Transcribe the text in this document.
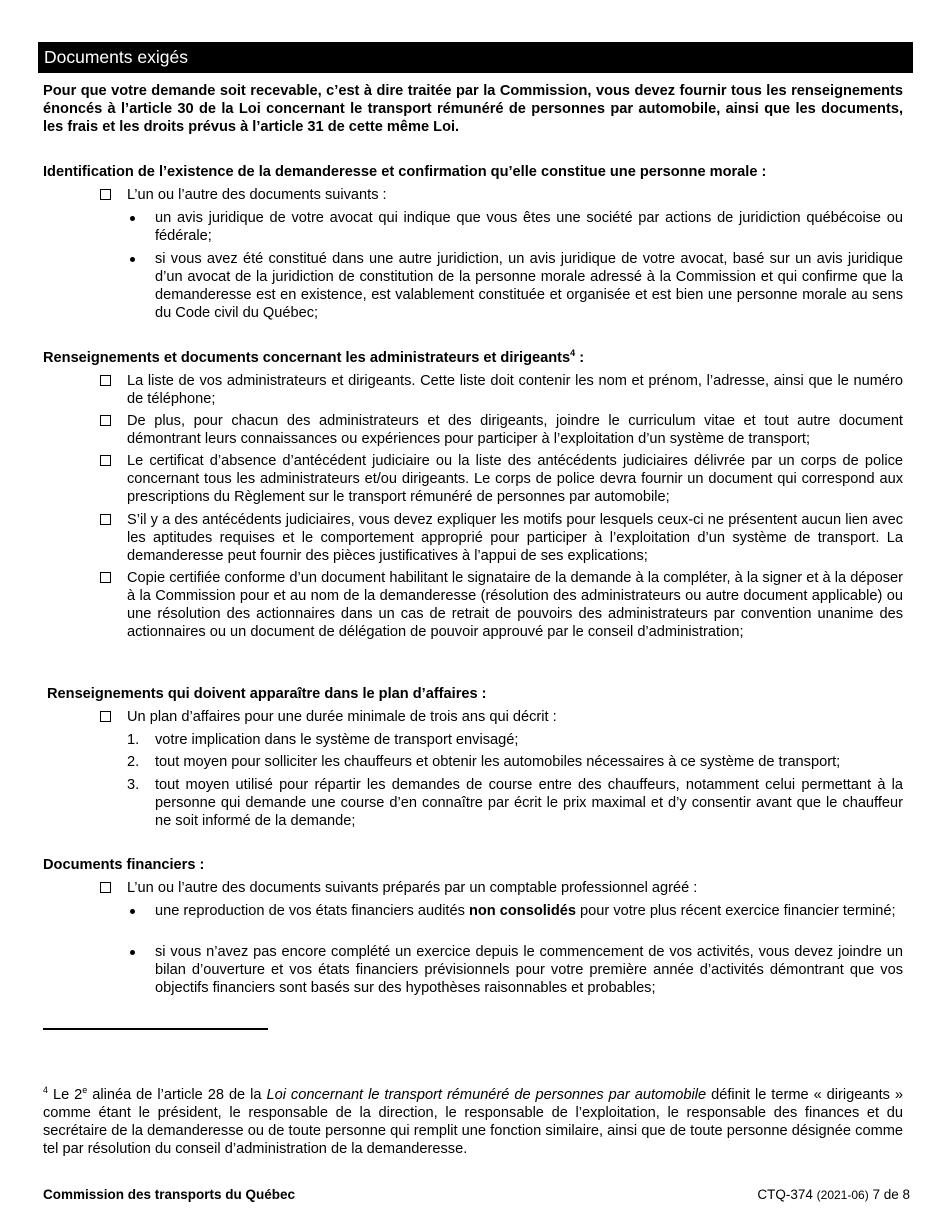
Documents exigés

Pour que votre demande soit recevable, c’est à dire traitée par la Commission, vous devez fournir tous les renseignements énoncés à l’article 30 de la Loi concernant le transport rémunéré de personnes par automobile, ainsi que les documents, les frais et les droits prévus à l’article 31 de cette même Loi.

Identification de l’existence de la demanderesse et confirmation qu’elle constitue une personne morale :

L’un ou l’autre des documents suivants :
un avis juridique de votre avocat qui indique que vous êtes une société par actions de juridiction québécoise ou fédérale;
si vous avez été constitué dans une autre juridiction, un avis juridique de votre avocat, basé sur un avis juridique d’un avocat de la juridiction de constitution de la personne morale adressé à la Commission et qui confirme que la demanderesse est en existence, est valablement constituée et organisée et est bien une personne morale au sens du Code civil du Québec;

Renseignements et documents concernant les administrateurs et dirigeants$^4$ :

La liste de vos administrateurs et dirigeants. Cette liste doit contenir les nom et prénom, l’adresse, ainsi que le numéro de téléphone;
De plus, pour chacun des administrateurs et des dirigeants, joindre le curriculum vitae et tout autre document démontrant leurs connaissances ou expériences pour participer à l’exploitation d’un système de transport;
Le certificat d’absence d’antécédent judiciaire ou la liste des antécédents judiciaires délivrée par un corps de police concernant tous les administrateurs et/ou dirigeants. Le corps de police devra fournir un document qui correspond aux prescriptions du Règlement sur le transport rémunéré de personnes par automobile;
S’il y a des antécédents judiciaires, vous devez expliquer les motifs pour lesquels ceux-ci ne présentent aucun lien avec les aptitudes requises et le comportement approprié pour participer à l’exploitation d’un système de transport. La demanderesse peut fournir des pièces justificatives à l’appui de ses explications;
Copie certifiée conforme d’un document habilitant le signataire de la demande à la compléter, à la signer et à la déposer à la Commission pour et au nom de la demanderesse (résolution des administrateurs ou autre document applicable) ou une résolution des actionnaires dans un cas de retrait de pouvoirs des administrateurs par convention unanime des actionnaires ou un document de délégation de pouvoir approuvé par le conseil d’administration;

Renseignements qui doivent apparaître dans le plan d’affaires :

Un plan d’affaires pour une durée minimale de trois ans qui décrit :
1. votre implication dans le système de transport envisagé;
2. tout moyen pour solliciter les chauffeurs et obtenir les automobiles nécessaires à ce système de transport;
3. tout moyen utilisé pour répartir les demandes de course entre des chauffeurs, notamment celui permettant à la personne qui demande une course d’en connaître par écrit le prix maximal et d’y consentir avant que le chauffeur ne soit informé de la demande;

Documents financiers :

L’un ou l’autre des documents suivants préparés par un comptable professionnel agréé :
une reproduction de vos états financiers audités non consolidés pour votre plus récent exercice financier terminé;
si vous n’avez pas encore complété un exercice depuis le commencement de vos activités, vous devez joindre un bilan d’ouverture et vos états financiers prévisionnels pour votre première année d’activités démontrant que vos objectifs financiers sont basés sur des hypothèses raisonnables et probables;

$^4$ Le 2e alinéa de l’article 28 de la Loi concernant le transport rémunéré de personnes par automobile définit le terme « dirigeants » comme étant le président, le responsable de la direction, le responsable de l’exploitation, le responsable des finances et du secrétaire de la demanderesse ou de toute personne qui remplit une fonction similaire, ainsi que de toute personne désignée comme tel par résolution du conseil d’administration de la demanderesse.

Commission des transports du Québec	CTQ-374 (2021-06) 7 de 8
